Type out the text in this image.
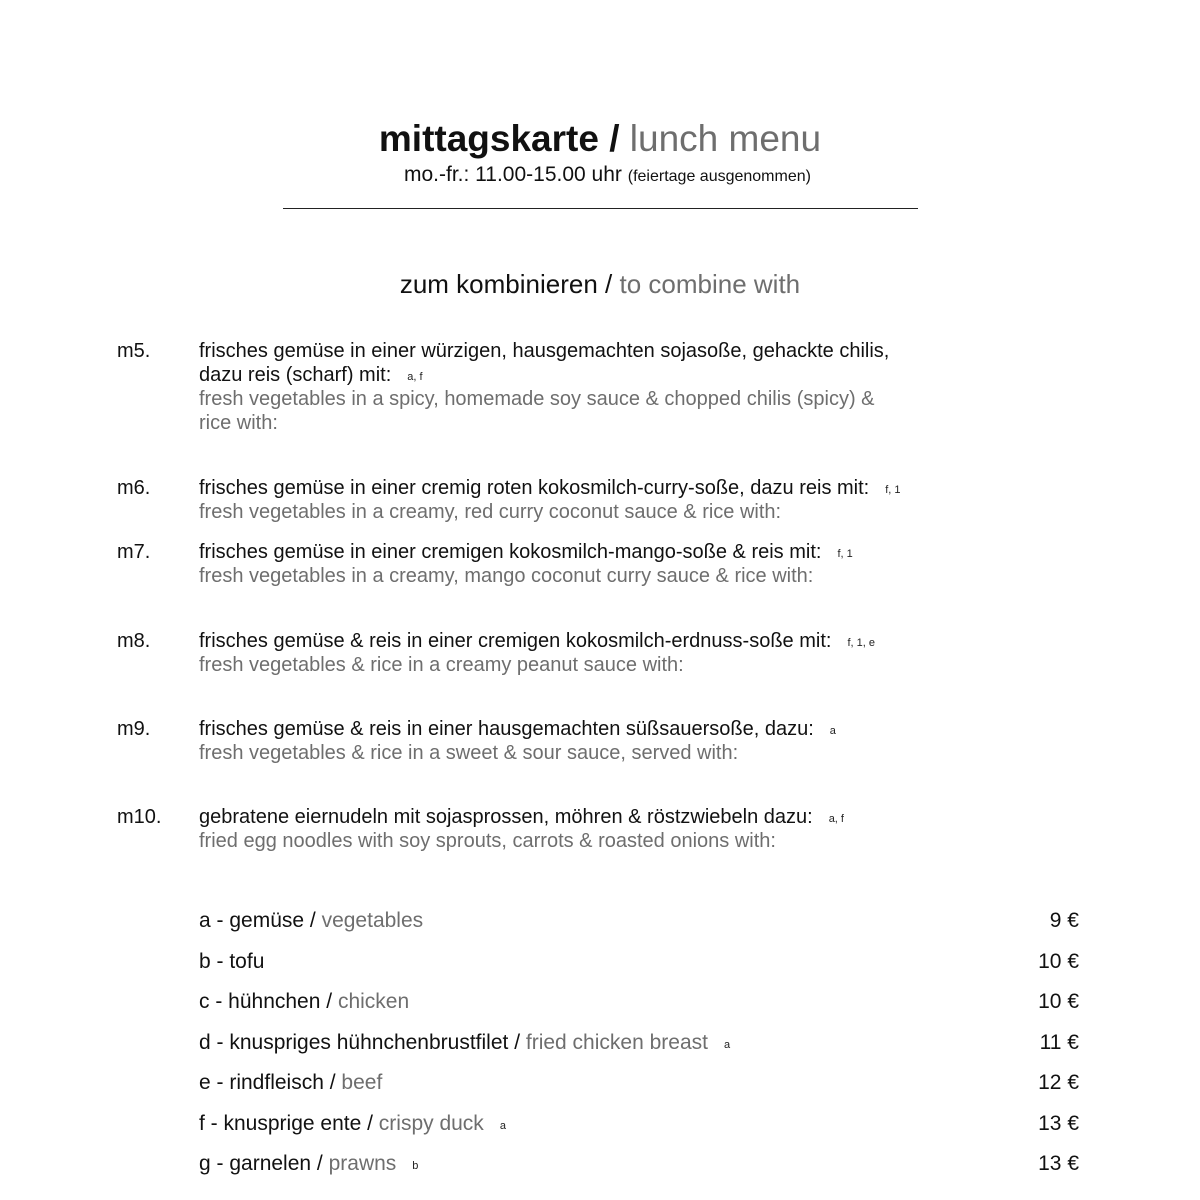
mittagskarte / lunch menu
mo.-fr.: 11.00-15.00 uhr (feiertage ausgenommen)
zum kombinieren / to combine with
m5. frisches gemüse in einer würzigen, hausgemachten sojasoße, gehackte chilis,
dazu reis (scharf) mit: $^{a, f}$
fresh vegetables in a spicy, homemade soy sauce & chopped chilis (spicy) &
rice with:
m6. frisches gemüse in einer cremig roten kokosmilch-curry-soße, dazu reis mit: $^{f, 1}$
fresh vegetables in a creamy, red curry coconut sauce & rice with:
m7. frisches gemüse in einer cremigen kokosmilch-mango-soße & reis mit: $^{f, 1}$
fresh vegetables in a creamy, mango coconut curry sauce & rice with:
m8. frisches gemüse & reis in einer cremigen kokosmilch-erdnuss-soße mit: $^{f, 1, e}$
fresh vegetables & rice in a creamy peanut sauce with:
m9. frisches gemüse & reis in einer hausgemachten süßsauersoße, dazu: $^a$
fresh vegetables & rice in a sweet & sour sauce, served with:
m10. gebratene eiernudeln mit sojasprossen, möhren & röstzwiebeln dazu: $^{a, f}$
fried egg noodles with soy sprouts, carrots & roasted onions with:
a - gemüse / vegetables	9 €
b - tofu	10 €
c - hühnchen / chicken	10 €
d - knuspriges hühnchenbrustfilet / fried chicken breast $^a$	11 €
e - rindfleisch / beef	12 €
f - knusprige ente / crispy duck $^a$	13 €
g - garnelen / prawns $^b$	13 €
